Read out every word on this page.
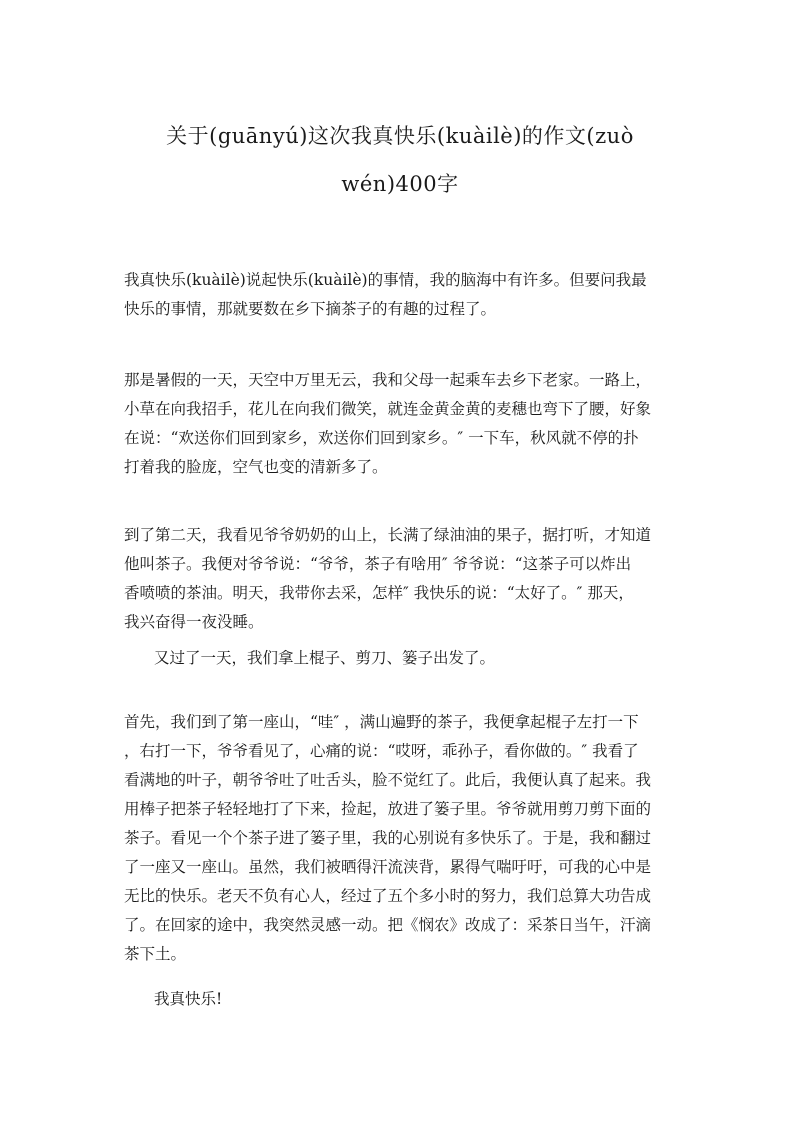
关于(guānyú)这次我真快乐(kuàilè)的作文(zuò
wén)400字

我真快乐(kuàilè)说起快乐(kuàilè)的事情，我的脑海中有许多。但要问我最
快乐的事情，那就要数在乡下摘茶子的有趣的过程了。

那是暑假的一天，天空中万里无云，我和父母一起乘车去乡下老家。一路上，
小草在向我招手，花儿在向我们微笑，就连金黄金黄的麦穗也弯下了腰，好象
在说：“欢送你们回到家乡，欢送你们回到家乡。″ 一下车，秋风就不停的扑
打着我的脸庞，空气也变的清新多了。

到了第二天，我看见爷爷奶奶的山上，长满了绿油油的果子，据打听，才知道
他叫茶子。我便对爷爷说：“爷爷，茶子有啥用″ 爷爷说：“这茶子可以炸出
香喷喷的茶油。明天，我带你去采，怎样″ 我快乐的说：“太好了。″ 那天，
我兴奋得一夜没睡。

又过了一天，我们拿上棍子、剪刀、篓子出发了。

首先，我们到了第一座山，“哇″ ，满山遍野的茶子，我便拿起棍子左打一下
，右打一下，爷爷看见了，心痛的说：“哎呀，乖孙子，看你做的。″ 我看了
看满地的叶子，朝爷爷吐了吐舌头，脸不觉红了。此后，我便认真了起来。我
用棒子把茶子轻轻地打了下来，捡起，放进了篓子里。爷爷就用剪刀剪下面的
茶子。看见一个个茶子进了篓子里，我的心别说有多快乐了。于是，我和翻过
了一座又一座山。虽然，我们被晒得汗流浃背，累得气喘吁吁，可我的心中是
无比的快乐。老天不负有心人，经过了五个多小时的努力，我们总算大功告成
了。在回家的途中，我突然灵感一动。把《悯农》改成了：采茶日当午，汗滴
茶下土。

我真快乐!
